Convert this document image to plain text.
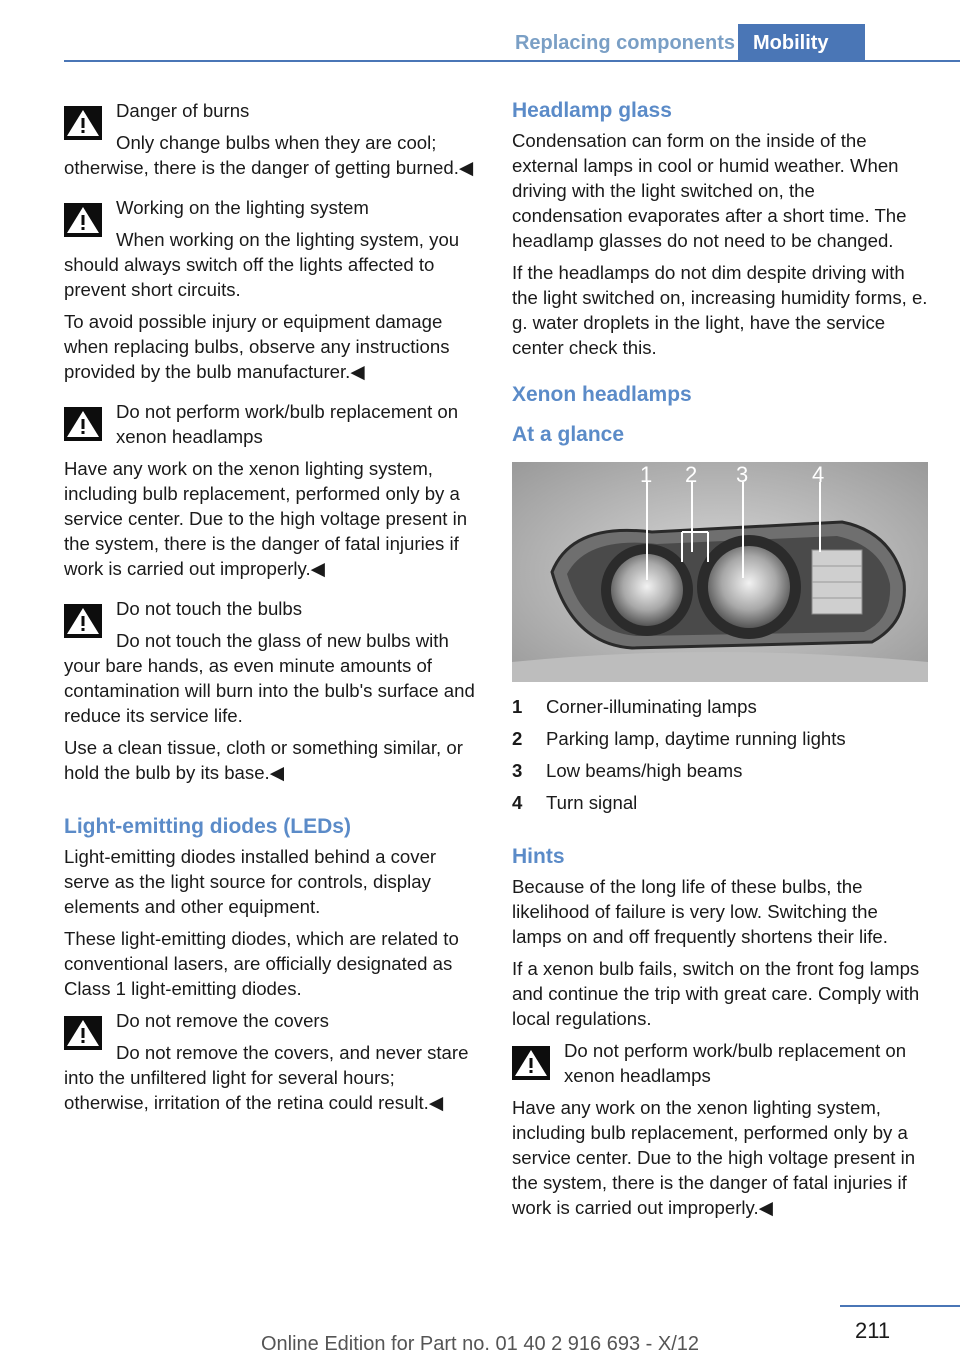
Replacing components Mobility
Danger of burns

Only change bulbs when they are cool; otherwise, there is the danger of getting burned.◀

Working on the lighting system

When working on the lighting system, you should always switch off the lights affected to prevent short circuits.

To avoid possible injury or equipment damage when replacing bulbs, observe any instructions provided by the bulb manufacturer.◀

Do not perform work/bulb replacement on xenon headlamps

Have any work on the xenon lighting system, including bulb replacement, performed only by a service center. Due to the high voltage present in the system, there is the danger of fatal injuries if work is carried out improperly.◀

Do not touch the bulbs

Do not touch the glass of new bulbs with your bare hands, as even minute amounts of contamination will burn into the bulb's surface and reduce its service life.

Use a clean tissue, cloth or something similar, or hold the bulb by its base.◀

Light-emitting diodes (LEDs)

Light-emitting diodes installed behind a cover serve as the light source for controls, display elements and other equipment.

These light-emitting diodes, which are related to conventional lasers, are officially designated as Class 1 light-emitting diodes.

Do not remove the covers

Do not remove the covers, and never stare into the unfiltered light for several hours; otherwise, irritation of the retina could result.◀

Headlamp glass

Condensation can form on the inside of the external lamps in cool or humid weather. When driving with the light switched on, the condensation evaporates after a short time. The headlamp glasses do not need to be changed.

If the headlamps do not dim despite driving with the light switched on, increasing humidity forms, e. g. water droplets in the light, have the service center check this.

Xenon headlamps
At a glance
1 2 3	4
1	Corner-illuminating lamps
2	Parking lamp, daytime running lights
3	Low beams/high beams
4	Turn signal
Hints

Because of the long life of these bulbs, the likelihood of failure is very low. Switching the lamps on and off frequently shortens their life.

If a xenon bulb fails, switch on the front fog lamps and continue the trip with great care. Comply with local regulations.

Do not perform work/bulb replacement on xenon headlamps

Have any work on the xenon lighting system, including bulb replacement, performed only by a service center. Due to the high voltage present in the system, there is the danger of fatal injuries if work is carried out improperly.◀

211
Online Edition for Part no. 01 40 2 916 693 - X/12
